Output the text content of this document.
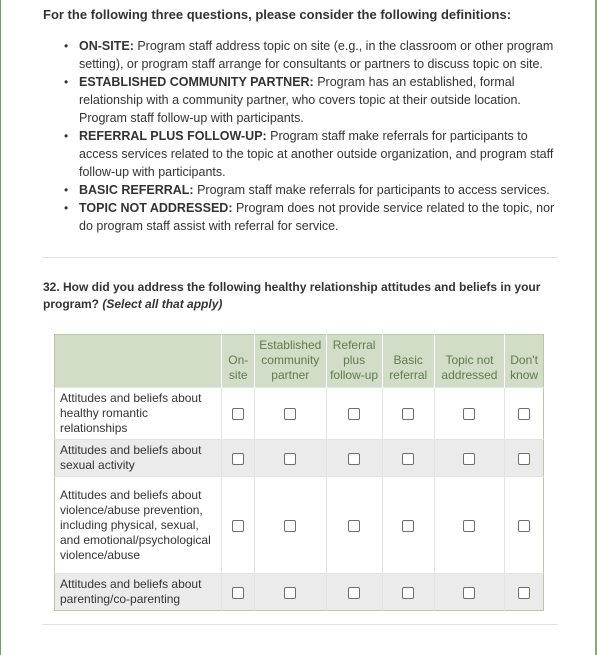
For the following three questions, please consider the following definitions:
• ON-SITE: Program staff address topic on site (e.g., in the classroom or other program setting), or program staff arrange for consultants or partners to discuss topic on site.
• ESTABLISHED COMMUNITY PARTNER: Program has an established, formal relationship with a community partner, who covers topic at their outside location. Program staff follow-up with participants.
• REFERRAL PLUS FOLLOW-UP: Program staff make referrals for participants to access services related to the topic at another outside organization, and program staff follow-up with participants.
• BASIC REFERRAL: Program staff make referrals for participants to access services.
• TOPIC NOT ADDRESSED: Program does not provide service related to the topic, nor do program staff assist with referral for service.
32. How did you address the following healthy relationship attitudes and beliefs in your program? (Select all that apply)
	On-site	Established community partner	Referral plus follow-up	Basic referral	Topic not addressed	Don't know
Attitudes and beliefs about healthy romantic relationships						
Attitudes and beliefs about sexual activity						
Attitudes and beliefs about violence/abuse prevention, including physical, sexual, and emotional/psychological violence/abuse						
Attitudes and beliefs about parenting/co-parenting						
